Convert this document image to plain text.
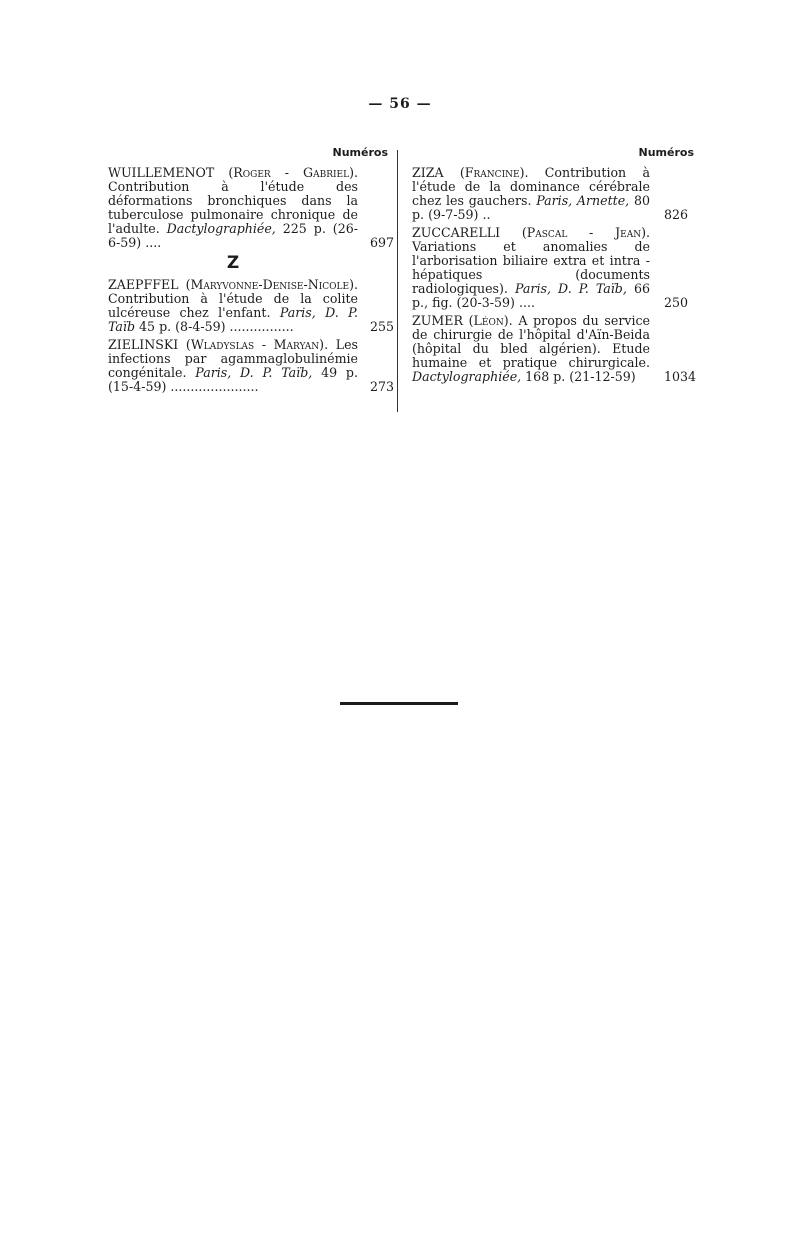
— 56 —
Numéros
WUILLEMENOT (Roger - Gabriel). Contribution à l'étude des déformations bronchiques dans la tuberculose pulmonaire chronique de l'adulte. Dactylographiée, 225 p. (26-6-59) ....	697
Z
ZAEPFFEL (Maryvonne-Denise-Nicole). Contribution à l'étude de la colite ulcéreuse chez l'enfant. Paris, D. P. Taïb 45 p. (8-4-59) ................	255
ZIELINSKI (Wladyslas - Maryan). Les infections par agammaglobulinémie congénitale. Paris, D. P. Taïb, 49 p. (15-4-59) ......................	273
Numéros
ZIZA (Francine). Contribution à l'étude de la dominance cérébrale chez les gauchers. Paris, Arnette, 80 p. (9-7-59) ..	826
ZUCCARELLI (Pascal - Jean). Variations et anomalies de l'arborisation biliaire extra et intra - hépatiques (documents radiologiques). Paris, D. P. Taïb, 66 p., fig. (20-3-59) ....	250
ZUMER (Léon). A propos du service de chirurgie de l'hôpital d'Aïn-Beida (hôpital du bled algérien). Etude humaine et pratique chirurgicale. Dactylographiée, 168 p. (21-12-59)	1034
